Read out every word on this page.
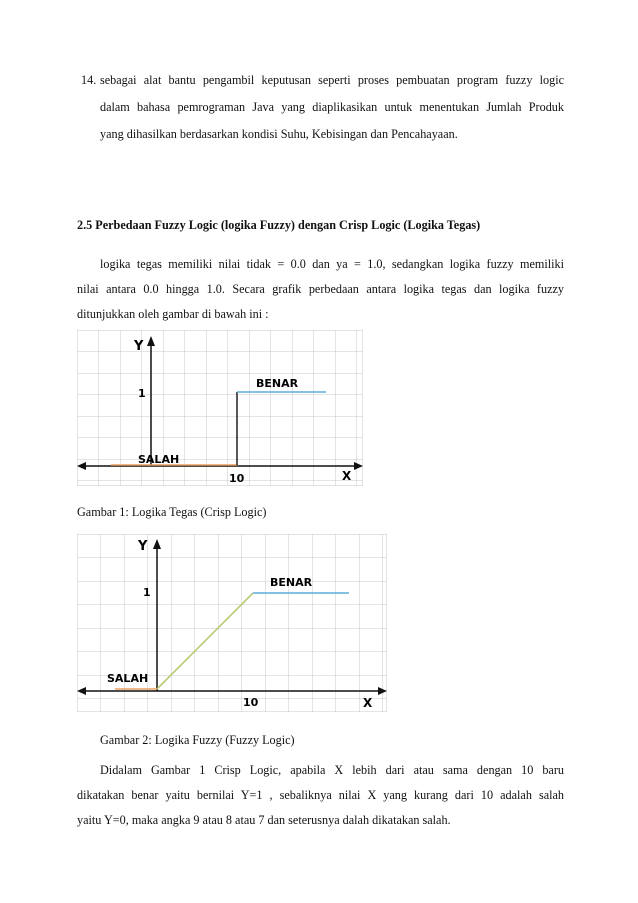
14. sebagai alat bantu pengambil keputusan seperti proses pembuatan program fuzzy logic
dalam bahasa pemrograman Java yang diaplikasikan untuk menentukan Jumlah Produk
yang dihasilkan berdasarkan kondisi Suhu, Kebisingan dan Pencahayaan.
2.5 Perbedaan Fuzzy Logic (logika Fuzzy) dengan Crisp Logic (Logika Tegas)
logika tegas memiliki nilai tidak = 0.0 dan ya = 1.0, sedangkan logika fuzzy memiliki
nilai antara 0.0 hingga 1.0. Secara grafik perbedaan antara logika tegas dan logika fuzzy
ditunjukkan oleh gambar di bawah ini :
Y
1
BENAR
SALAH
10	X
Gambar 1: Logika Tegas (Crisp Logic)
Y
1
BENAR
SALAH
10	X
Gambar 2: Logika Fuzzy (Fuzzy Logic)
Didalam Gambar 1 Crisp Logic, apabila X lebih dari atau sama dengan 10 baru
dikatakan benar yaitu bernilai Y=1 , sebaliknya nilai X yang kurang dari 10 adalah salah
yaitu Y=0, maka angka 9 atau 8 atau 7 dan seterusnya dalah dikatakan salah.
